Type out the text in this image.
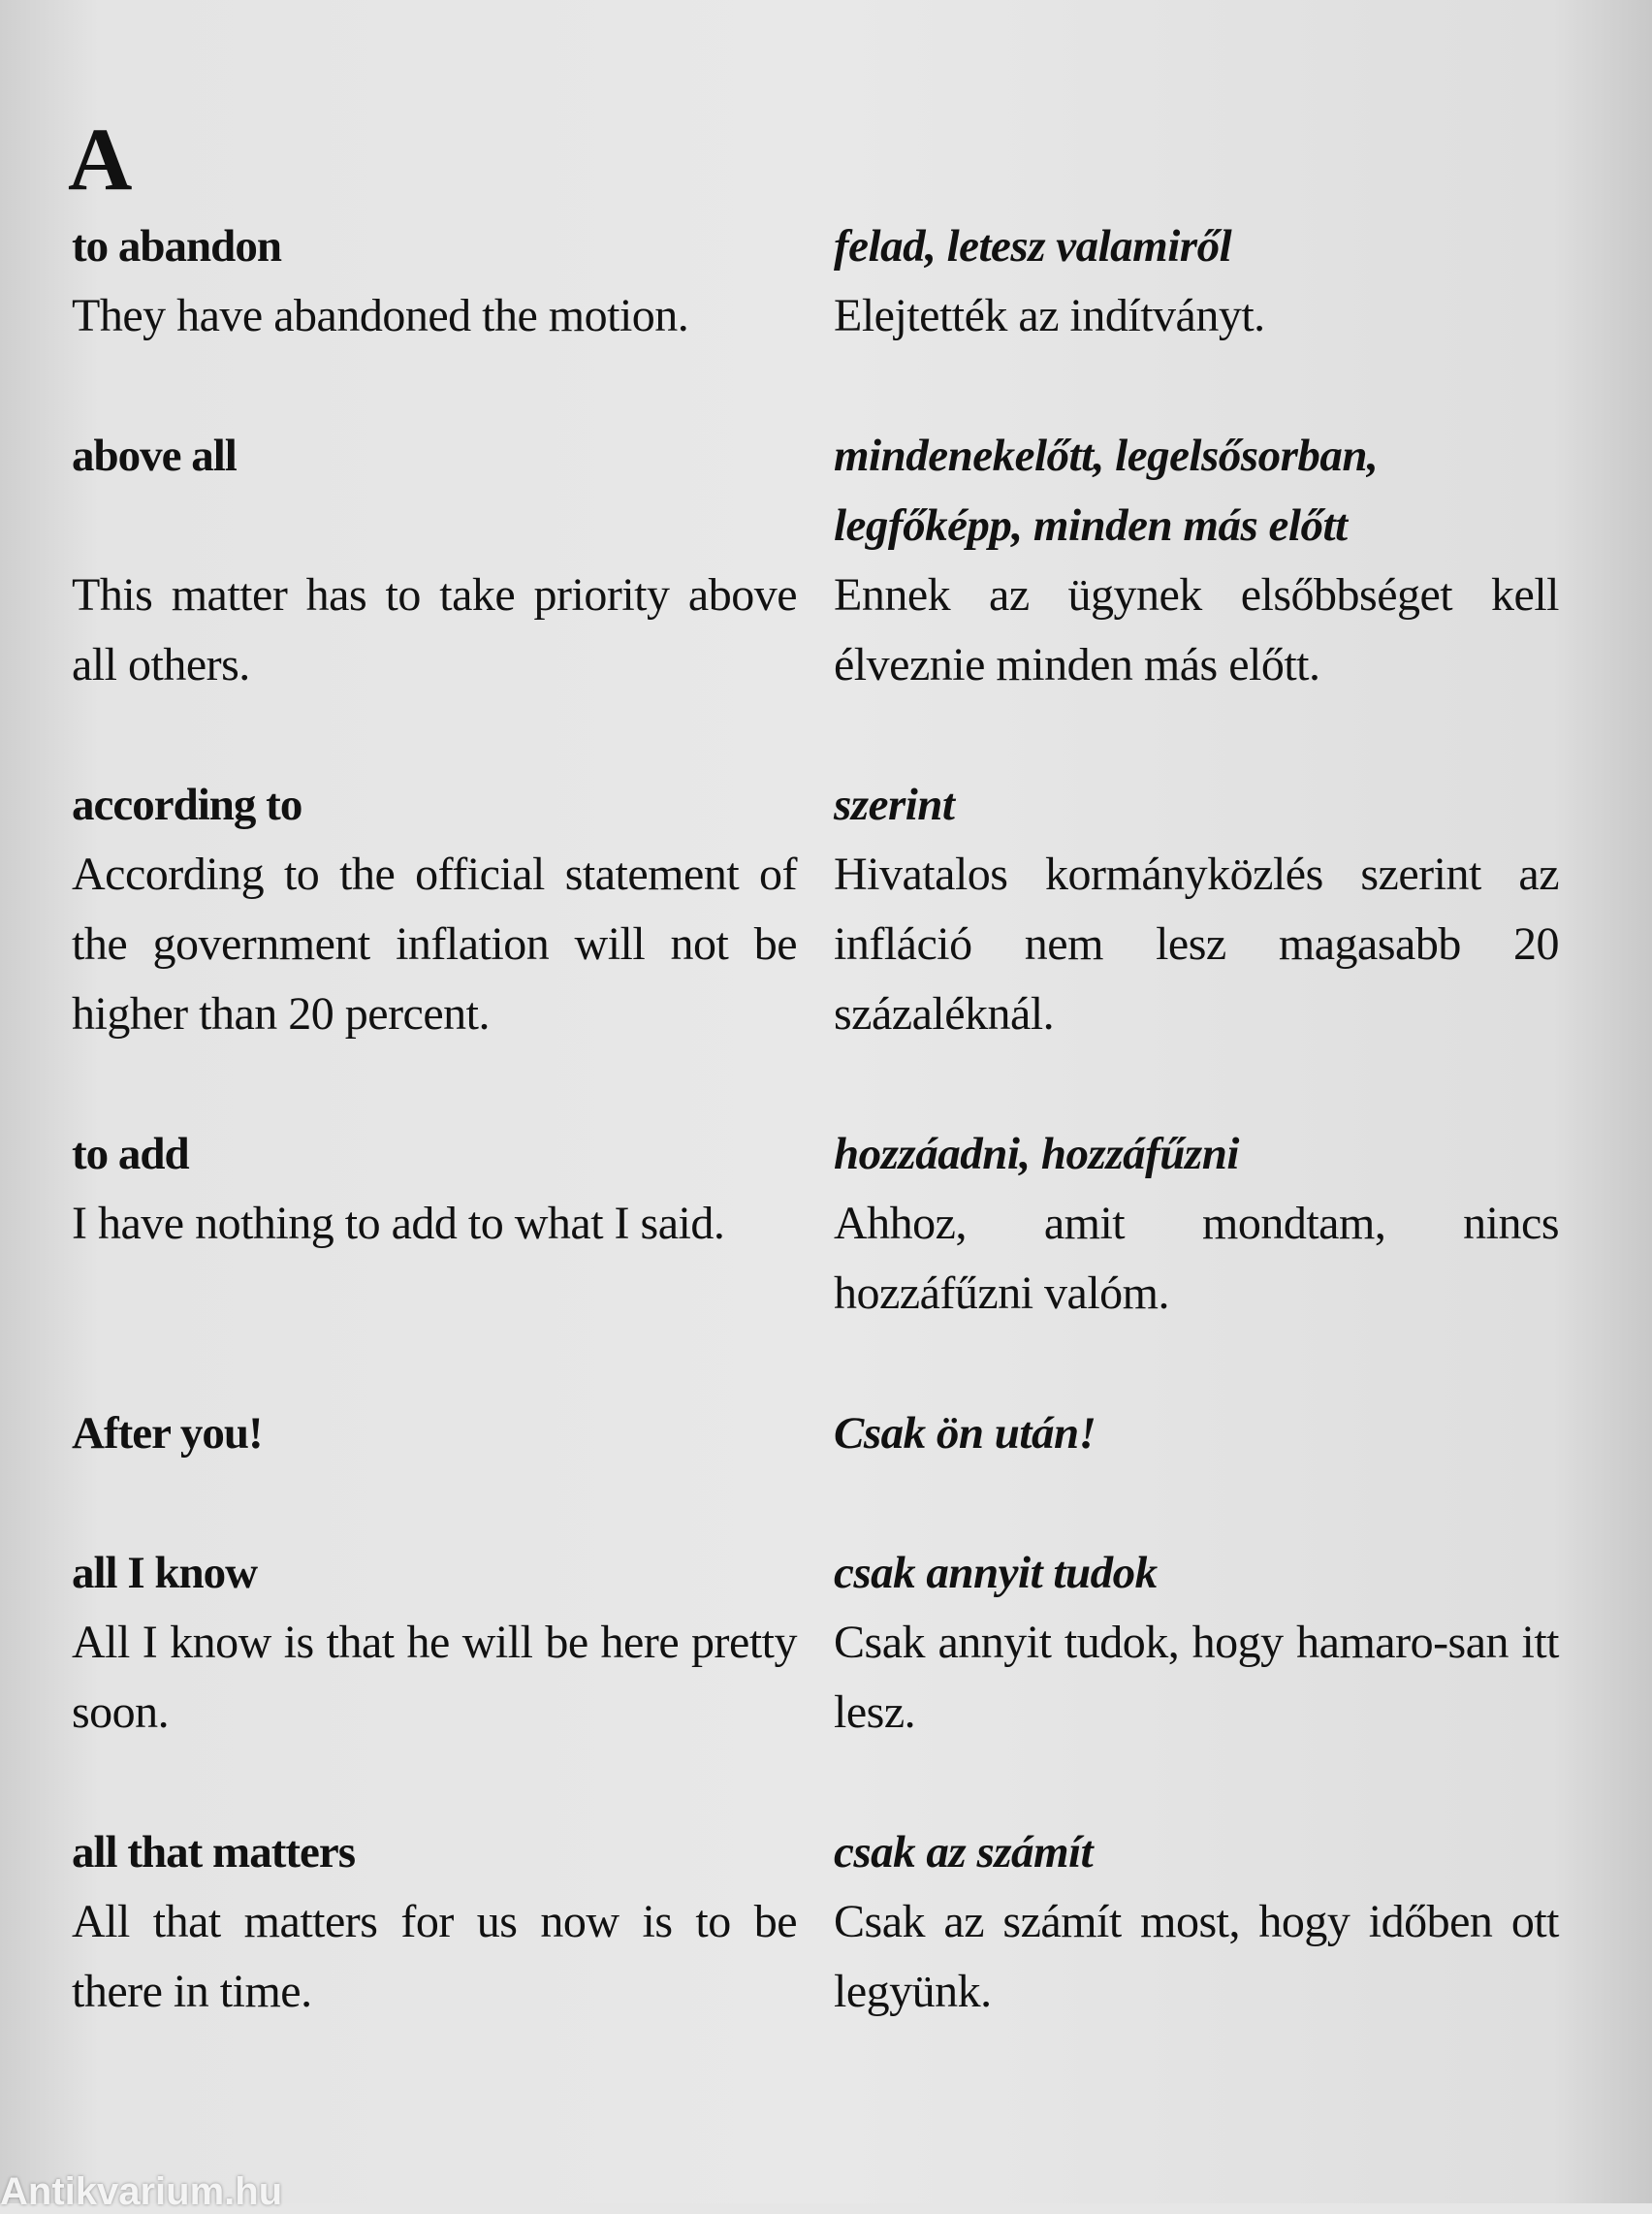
A
to abandon
They have abandoned the motion.
felad, letesz valamiről
Elejtették az indítványt.
above all
This matter has to take priority above all others.
mindenekelőtt, legelsősorban, legfőképp, minden más előtt
Ennek az ügynek elsőbbséget kell élveznie minden más előtt.
according to
According to the official statement of the government inflation will not be higher than 20 percent.
szerint
Hivatalos kormányközlés szerint az infláció nem lesz magasabb 20 százaléknál.
to add
I have nothing to add to what I said.
hozzáadni, hozzáfűzni
Ahhoz, amit mondtam, nincs hozzáfűzni valóm.
After you!	Csak ön után!
all I know
All I know is that he will be here pretty soon.
csak annyit tudok
Csak annyit tudok, hogy hamaro-san itt lesz.
all that matters
All that matters for us now is to be there in time.
csak az számít
Csak az számít most, hogy időben ott legyünk.
Antikvarium.hu
